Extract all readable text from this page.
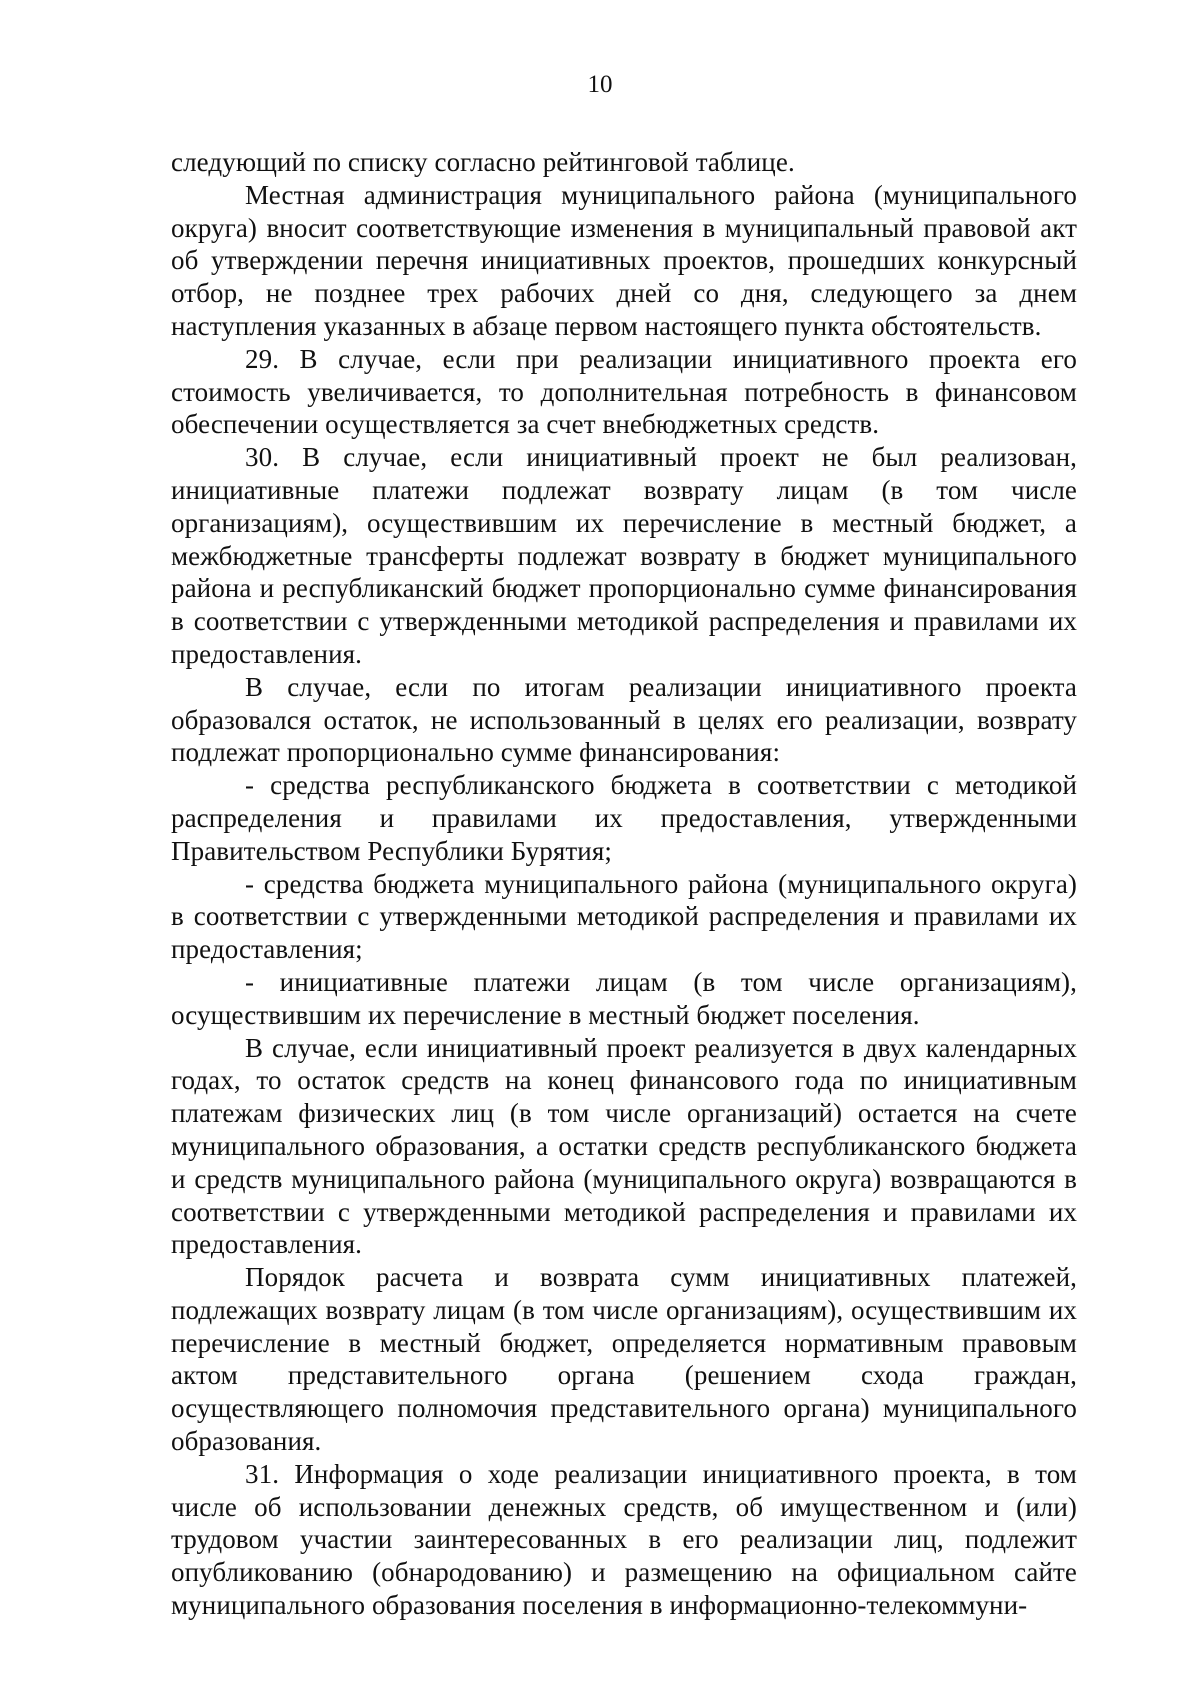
10

следующий по списку согласно рейтинговой таблице.

Местная администрация муниципального района (муниципального округа) вносит соответствующие изменения в муниципальный правовой акт об утверждении перечня инициативных проектов, прошедших конкурсный отбор, не позднее трех рабочих дней со дня, следующего за днем наступления указанных в абзаце первом настоящего пункта обстоятельств.

29. В случае, если при реализации инициативного проекта его стоимость увеличивается, то дополнительная потребность в финансовом обеспечении осуществляется за счет внебюджетных средств.

30. В случае, если инициативный проект не был реализован, инициативные платежи подлежат возврату лицам (в том числе организациям), осуществившим их перечисление в местный бюджет, а межбюджетные трансферты подлежат возврату в бюджет муниципального района и республиканский бюджет пропорционально сумме финансирования в соответствии с утвержденными методикой распределения и правилами их предоставления.

В случае, если по итогам реализации инициативного проекта образовался остаток, не использованный в целях его реализации, возврату подлежат пропорционально сумме финансирования:

- средства республиканского бюджета в соответствии с методикой распределения и правилами их предоставления, утвержденными Правительством Республики Бурятия;

- средства бюджета муниципального района (муниципального округа) в соответствии с утвержденными методикой распределения и правилами их предоставления;

- инициативные платежи лицам (в том числе организациям), осуществившим их перечисление в местный бюджет поселения.

В случае, если инициативный проект реализуется в двух календарных годах, то остаток средств на конец финансового года по инициативным платежам физических лиц (в том числе организаций) остается на счете муниципального образования, а остатки средств республиканского бюджета и средств муниципального района (муниципального округа) возвращаются в соответствии с утвержденными методикой распределения и правилами их предоставления.

Порядок расчета и возврата сумм инициативных платежей, подлежащих возврату лицам (в том числе организациям), осуществившим их перечисление в местный бюджет, определяется нормативным правовым актом представительного органа (решением схода граждан, осуществляющего полномочия представительного органа) муниципального образования.

31. Информация о ходе реализации инициативного проекта, в том числе об использовании денежных средств, об имущественном и (или) трудовом участии заинтересованных в его реализации лиц, подлежит опубликованию (обнародованию) и размещению на официальном сайте муниципального образования поселения в информационно-телекоммуни-
